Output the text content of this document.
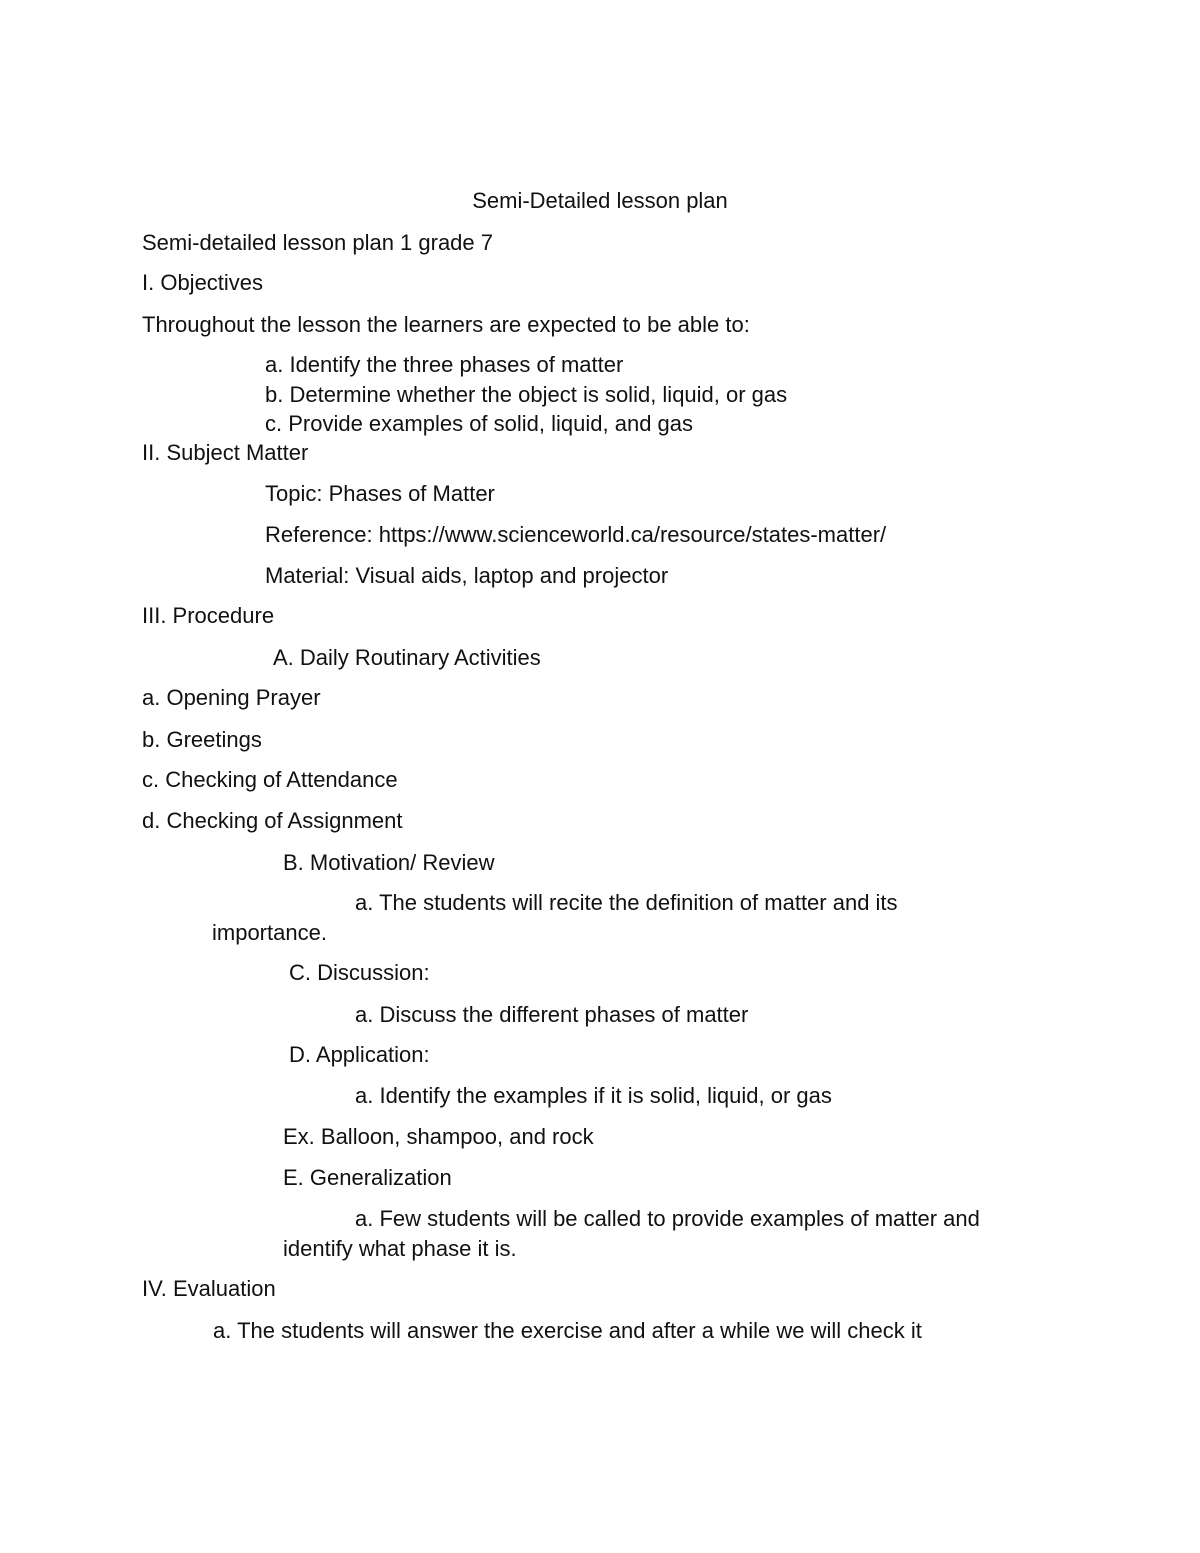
Semi-Detailed lesson plan
Semi-detailed lesson plan 1 grade 7
I. Objectives
Throughout the lesson the learners are expected to be able to:
a. Identify the three phases of matter
b. Determine whether the object is solid, liquid, or gas
c. Provide examples of solid, liquid, and gas
II. Subject Matter
Topic: Phases of Matter
Reference: https://www.scienceworld.ca/resource/states-matter/
Material: Visual aids, laptop and projector
III. Procedure
A. Daily Routinary Activities
a. Opening Prayer
b. Greetings
c. Checking of Attendance
d. Checking of Assignment
B. Motivation/ Review
a. The students will recite the definition of matter and its
importance.
C. Discussion:
a. Discuss the different phases of matter
D. Application:
a. Identify the examples if it is solid, liquid, or gas
Ex. Balloon, shampoo, and rock
E. Generalization
a. Few students will be called to provide examples of matter and
identify what phase it is.
IV. Evaluation
a. The students will answer the exercise and after a while we will check it
